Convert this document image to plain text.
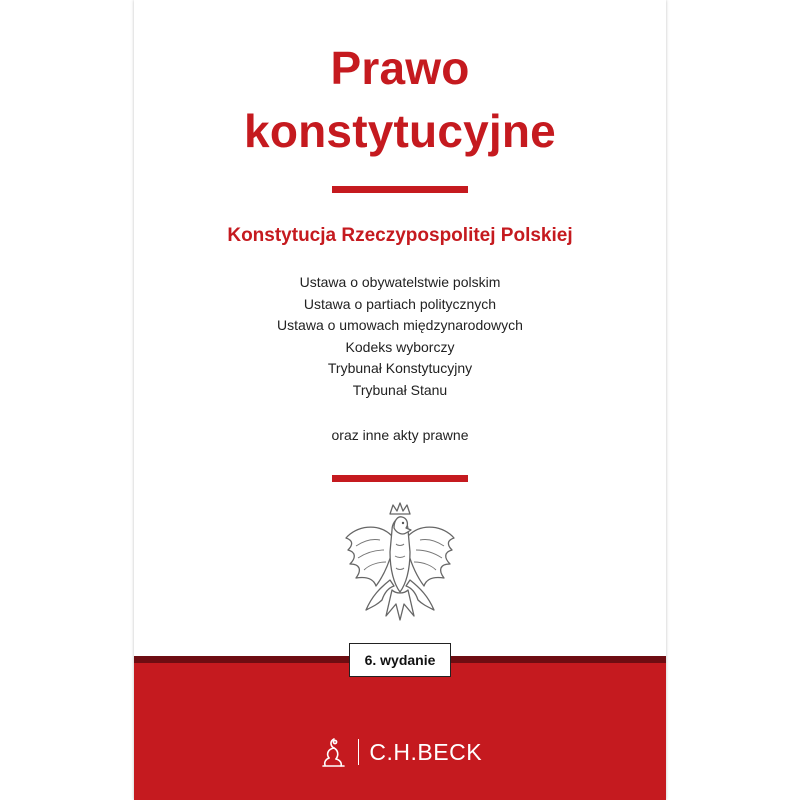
Prawo
konstytucyjne
Konstytucja Rzeczypospolitej Polskiej
Ustawa o obywatelstwie polskim
Ustawa o partiach politycznych
Ustawa o umowach międzynarodowych
Kodeks wyborczy
Trybunał Konstytucyjny
Trybunał Stanu
oraz inne akty prawne
6. wydanie
C.H.BECK
